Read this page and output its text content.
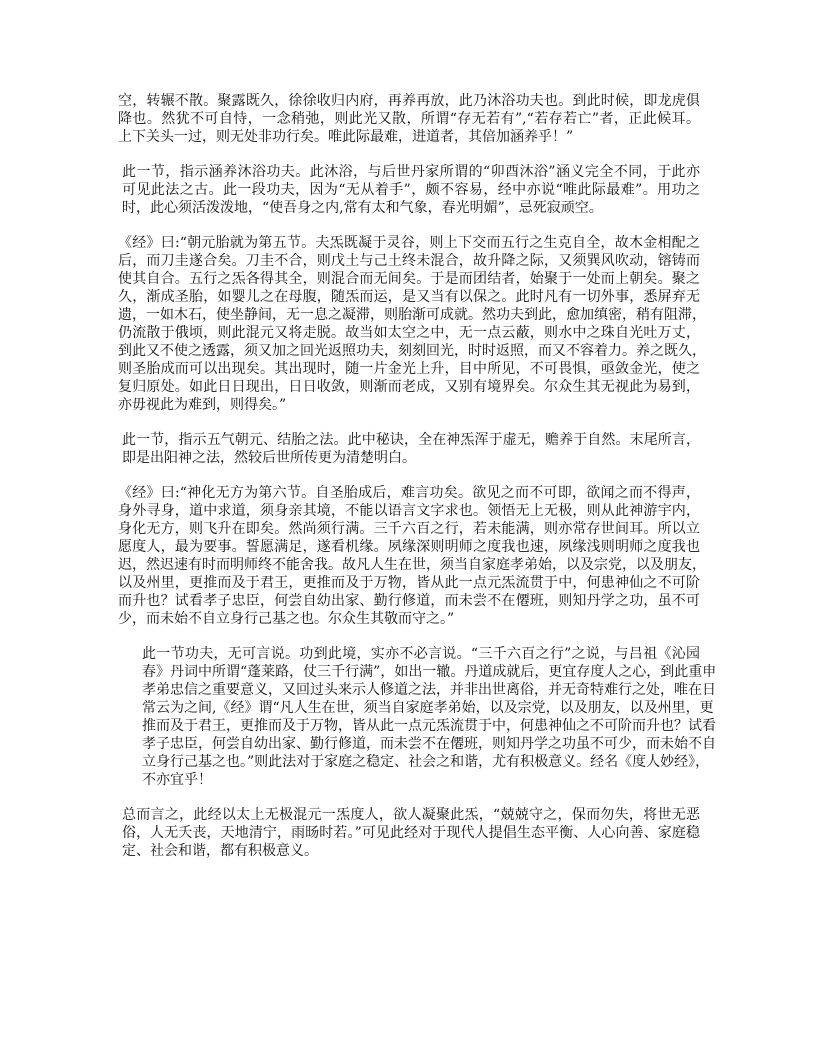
空，转辗不散。聚露既久，徐徐收归内府，再养再放，此乃沐浴功夫也。到此时候，即龙虎俱
降也。然犹不可自恃，一念稍弛，则此光又散，所谓“存无若有”,“若存若亡”者，正此候耳。
上下关头一过，则无处非功行矣。唯此际最难，进道者，其倍加涵养乎！”
此一节，指示涵养沐浴功夫。此沐浴，与后世丹家所谓的“卯酉沐浴”涵义完全不同，于此亦
可见此法之古。此一段功夫，因为“无从着手”，颇不容易，经中亦说“唯此际最难”。用功之
时，此心须活泼泼地，“使吾身之内,常有太和气象，春光明媚”，忌死寂顽空。
《经》曰:“朝元胎就为第五节。夫炁既凝于灵谷，则上下交而五行之生克自全，故木金相配之
后，而刀圭遂合矣。刀圭不合，则戊土与己土终未混合，故升降之际，又须巽风吹动，镕铸而
使其自合。五行之炁各得其全，则混合而无间矣。于是而团结者，始聚于一处而上朝矣。聚之
久，渐成圣胎，如婴儿之在母腹，随炁而运，是又当有以保之。此时凡有一切外事，悉屏弃无
遗，一如木石，使坐静间，无一息之凝滞，则胎渐可成就。然功夫到此，愈加缜密，稍有阻滞，
仍流散于俄顷，则此混元又将走脱。故当如太空之中，无一点云蔽，则水中之珠自光吐万丈，
到此又不使之透露，须又加之回光返照功夫，刻刻回光，时时返照，而又不容着力。养之既久，
则圣胎成而可以出现矣。其出现时，随一片金光上升，目中所见，不可畏惧，亟敛金光，使之
复归原处。如此日日现出，日日收敛，则渐而老成，又别有境界矣。尔众生其无视此为易到，
亦毋视此为难到，则得矣。”
此一节，指示五气朝元、结胎之法。此中秘诀，全在神炁浑于虚无，赡养于自然。末尾所言，
即是出阳神之法，然较后世所传更为清楚明白。
《经》曰:“神化无方为第六节。自圣胎成后，难言功矣。欲见之而不可即，欲闻之而不得声，
身外寻身，道中求道，须身亲其境，不能以语言文字求也。领悟无上无极，则从此神游宇内，
身化无方，则飞升在即矣。然尚须行满。三千六百之行，若未能满，则亦常存世间耳。所以立
愿度人，最为要事。誓愿满足，遂看机缘。夙缘深则明师之度我也速，夙缘浅则明师之度我也
迟，然迟速有时而明师终不能舍我。故凡人生在世，须当自家庭孝弟始，以及宗党，以及朋友，
以及州里，更推而及于君王，更推而及于万物，皆从此一点元炁流贯于中，何患神仙之不可阶
而升也？试看孝子忠臣，何尝自幼出家、勤行修道，而未尝不在僊班，则知丹学之功，虽不可
少，而未始不自立身行己基之也。尔众生其敬而守之。”
此一节功夫，无可言说。功到此境，实亦不必言说。“三千六百之行”之说，与吕祖《沁园
春》丹词中所谓“蓬莱路，仗三千行满”，如出一辙。丹道成就后，更宜存度人之心，到此重申
孝弟忠信之重要意义，又回过头来示人修道之法，并非出世离俗，并无奇特难行之处，唯在日
常云为之间,《经》谓“凡人生在世，须当自家庭孝弟始，以及宗党，以及朋友，以及州里，更
推而及于君王，更推而及于万物，皆从此一点元炁流贯于中，何患神仙之不可阶而升也？试看
孝子忠臣，何尝自幼出家、勤行修道，而未尝不在僊班，则知丹学之功虽不可少，而未始不自
立身行己基之也。”则此法对于家庭之稳定、社会之和谐，尤有积极意义。经名《度人妙经》，
不亦宜乎！
总而言之，此经以太上无极混元一炁度人，欲人凝聚此炁，“兢兢守之，保而勿失，将世无恶
俗，人无夭丧，天地清宁，雨旸时若。”可见此经对于现代人提倡生态平衡、人心向善、家庭稳
定、社会和谐，都有积极意义。
